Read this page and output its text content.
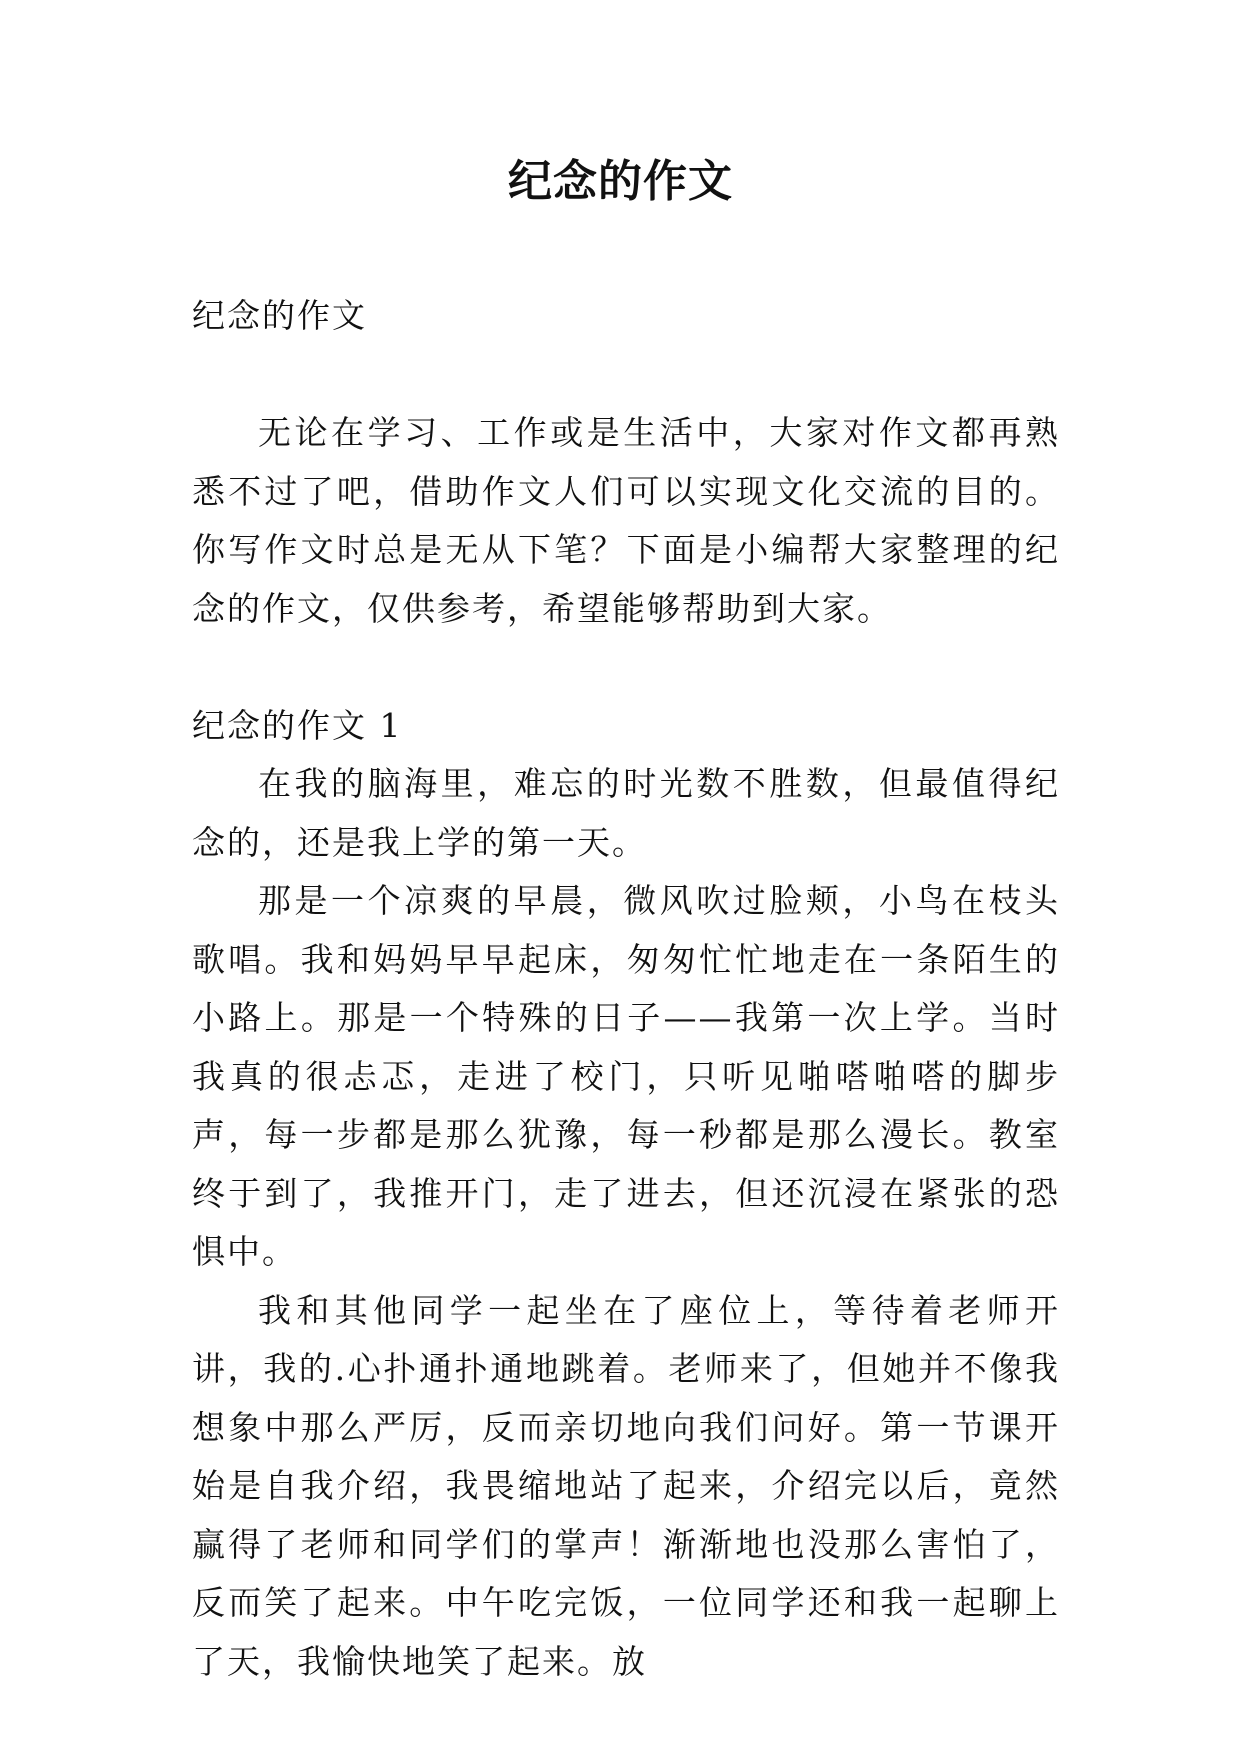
纪念的作文
纪念的作文

无论在学习、工作或是生活中，大家对作文都再熟悉不过了吧，借助作文人们可以实现文化交流的目的。你写作文时总是无从下笔？下面是小编帮大家整理的纪念的作文，仅供参考，希望能够帮助到大家。

纪念的作文 1

在我的脑海里，难忘的时光数不胜数，但最值得纪念的，还是我上学的第一天。

那是一个凉爽的早晨，微风吹过脸颊，小鸟在枝头歌唱。我和妈妈早早起床，匆匆忙忙地走在一条陌生的小路上。那是一个特殊的日子——我第一次上学。当时我真的很忐忑，走进了校门，只听见啪嗒啪嗒的脚步声，每一步都是那么犹豫，每一秒都是那么漫长。教室终于到了，我推开门，走了进去，但还沉浸在紧张的恐惧中。

我和其他同学一起坐在了座位上，等待着老师开讲，我的.心扑通扑通地跳着。老师来了，但她并不像我想象中那么严厉，反而亲切地向我们问好。第一节课开始是自我介绍，我畏缩地站了起来，介绍完以后，竟然赢得了老师和同学们的掌声！渐渐地也没那么害怕了，反而笑了起来。中午吃完饭，一位同学还和我一起聊上了天，我愉快地笑了起来。放
